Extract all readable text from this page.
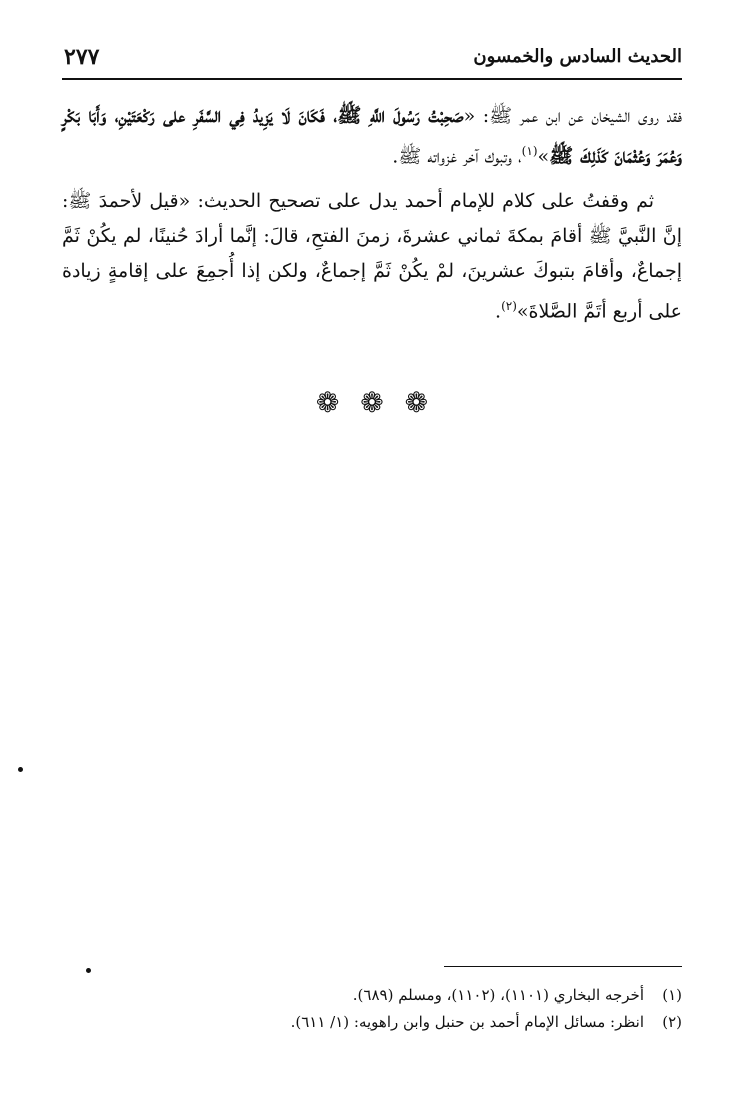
٢٧٧	الحديث السادس والخمسون

فقد روى الشيخان عن ابن عمر ﷺ: «صَحِبْتُ رَسُولَ اللَّهِ ﷺ، فَكَانَ لَا يَزِيدُ فِي السَّفَرِ على رَكْعَتَيْنِ، وَأَبَا بَكْرٍ وَعُمَرَ وَعُثْمَانَ كَذَلِكَ ﷺ»$^{(١)}$، وتبوك آخر غزواته ﷺ.

ثم وقفتُ على كلام للإمام أحمد يدل على تصحيح الحديث: «قيل لأحمدَ ﷺ: إنَّ النَّبيَّ ﷺ أقامَ بمكةَ ثماني عشرةَ، زمنَ الفتحِ، قالَ: إنَّما أرادَ حُنينًا، لم يكُنْ ثَمَّ إجماعٌ، وأقامَ بتبوكَ عشرينَ، لمْ يكُنْ ثَمَّ إجماعٌ، ولكن إذا أُجمِعَ على إقامةٍ زيادة على أربع أتَمَّ الصَّلاةَ»$^{(٢)}$.

❁ ❁ ❁
(١)
أخرجه البخاري (١١٠١)، (١١٠٢)، ومسلم (٦٨٩).
(٢)
انظر: مسائل الإمام أحمد بن حنبل وابن راهويه: (١/ ٦١١).
